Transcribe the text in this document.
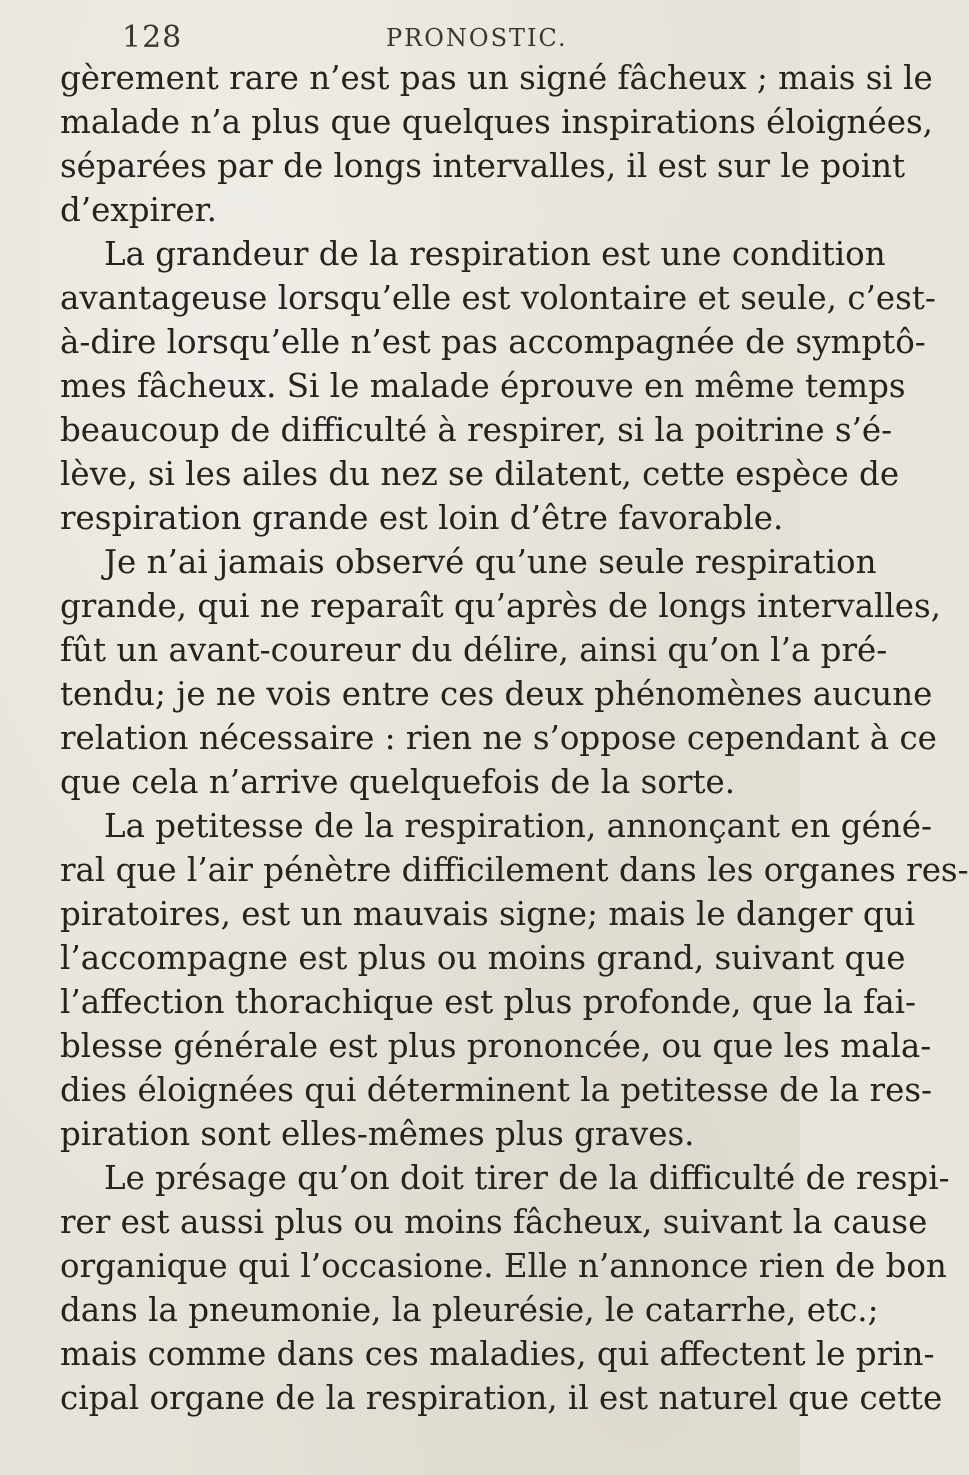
128	PRONOSTIC.
gèrement rare n’est pas un signé fâcheux ; mais si le
malade n’a plus que quelques inspirations éloignées,
séparées par de longs intervalles, il est sur le point
d’expirer.
La grandeur de la respiration est une condition
avantageuse lorsqu’elle est volontaire et seule, c’est-
à-dire lorsqu’elle n’est pas accompagnée de symptô-
mes fâcheux. Si le malade éprouve en même temps
beaucoup de difficulté à respirer, si la poitrine s’é-
lève, si les ailes du nez se dilatent, cette espèce de
respiration grande est loin d’être favorable.
Je n’ai jamais observé qu’une seule respiration
grande, qui ne reparaît qu’après de longs intervalles,
fût un avant-coureur du délire, ainsi qu’on l’a pré-
tendu; je ne vois entre ces deux phénomènes aucune
relation nécessaire : rien ne s’oppose cependant à ce
que cela n’arrive quelquefois de la sorte.
La petitesse de la respiration, annonçant en géné-
ral que l’air pénètre difficilement dans les organes res-
piratoires, est un mauvais signe; mais le danger qui
l’accompagne est plus ou moins grand, suivant que
l’affection thorachique est plus profonde, que la fai-
blesse générale est plus prononcée, ou que les mala-
dies éloignées qui déterminent la petitesse de la res-
piration sont elles-mêmes plus graves.
Le présage qu’on doit tirer de la difficulté de respi-
rer est aussi plus ou moins fâcheux, suivant la cause
organique qui l’occasione. Elle n’annonce rien de bon
dans la pneumonie, la pleurésie, le catarrhe, etc.;
mais comme dans ces maladies, qui affectent le prin-
cipal organe de la respiration, il est naturel que cette
